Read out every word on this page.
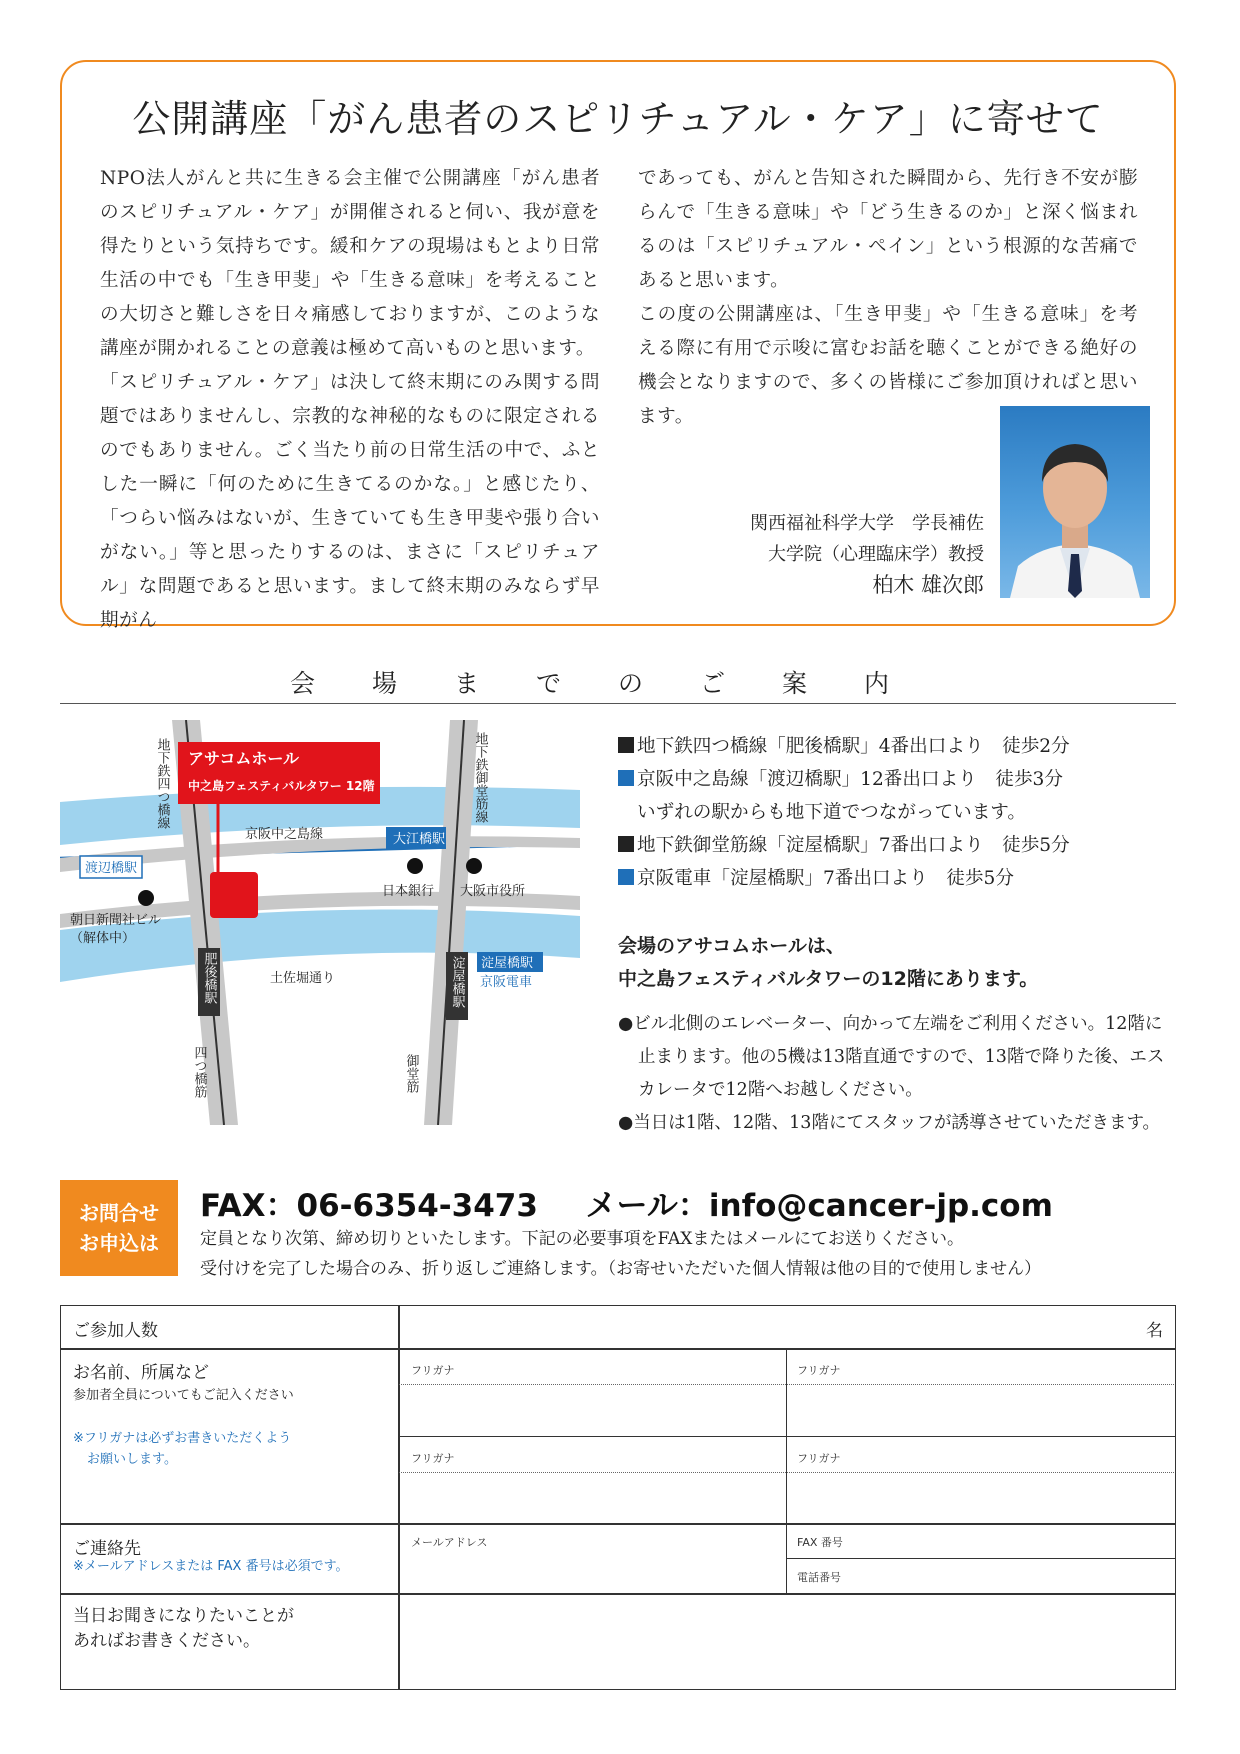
公開講座「がん患者のスピリチュアル・ケア」に寄せて

NPO法人がんと共に生きる会主催で公開講座「がん患者のスピリチュアル・ケア」が開催されると伺い、我が意を得たりという気持ちです。緩和ケアの現場はもとより日常生活の中でも「生き甲斐」や「生きる意味」を考えることの大切さと難しさを日々痛感しておりますが、このような講座が開かれることの意義は極めて高いものと思います。

「スピリチュアル・ケア」は決して終末期にのみ関する問題ではありませんし、宗教的な神秘的なものに限定されるのでもありません。ごく当たり前の日常生活の中で、ふとした一瞬に「何のために生きてるのかな。」と感じたり、「つらい悩みはないが、生きていても生き甲斐や張り合いがない。」等と思ったりするのは、まさに「スピリチュアル」な問題であると思います。まして終末期のみならず早期がん

であっても、がんと告知された瞬間から、先行き不安が膨らんで「生きる意味」や「どう生きるのか」と深く悩まれるのは「スピリチュアル・ペイン」という根源的な苦痛であると思います。

この度の公開講座は、「生き甲斐」や「生きる意味」を考える際に有用で示唆に富むお話を聴くことができる絶好の機会となりますので、多くの皆様にご参加頂ければと思います。

関西福祉科学大学　学長補佐
大学院（心理臨床学）教授
柏木 雄次郎
会場までのご案内
アサコムホール
中之島フェスティバルタワー 12階
京阪中之島線	大江橋駅
渡辺橋駅
日本銀行 大阪市役所
朝日新聞社ビル
（解体中）
土佐堀通り
淀屋橋駅
京阪電車
地下鉄四つ橋線	地下鉄御堂筋線
肥後橋駅	淀屋橋駅
四つ橋筋	御堂筋
地下鉄四つ橋線「肥後橋駅」4番出口より　徒歩2分
京阪中之島線「渡辺橋駅」12番出口より　徒歩3分
いずれの駅からも地下道でつながっています。
地下鉄御堂筋線「淀屋橋駅」7番出口より　徒歩5分
京阪電車「淀屋橋駅」7番出口より　徒歩5分
会場のアサコムホールは、
中之島フェスティバルタワーの12階にあります。
●ビル北側のエレベーター、向かって左端をご利用ください。12階に止まります。他の5機は13階直通ですので、13階で降りた後、エスカレータで12階へお越しください。
●当日は1階、12階、13階にてスタッフが誘導させていただきます。
お問合せ
お申込は
FAX：06-6354-3473 メール：info@cancer-jp.com
定員となり次第、締め切りといたします。下記の必要事項をFAXまたはメールにてお送りください。
受付けを完了した場合のみ、折り返しご連絡します。（お寄せいただいた個人情報は他の目的で使用しません）
ご参加人数	名
お名前、所属など
参加者全員についてもご記入ください
※フリガナは必ずお書きいただくよう
お願いします。
フリガナ	フリガナ
フリガナ	フリガナ
ご連絡先
※メールアドレスまたは FAX 番号は必須です。
メールアドレス	FAX 番号
電話番号
当日お聞きになりたいことが
あればお書きください。
